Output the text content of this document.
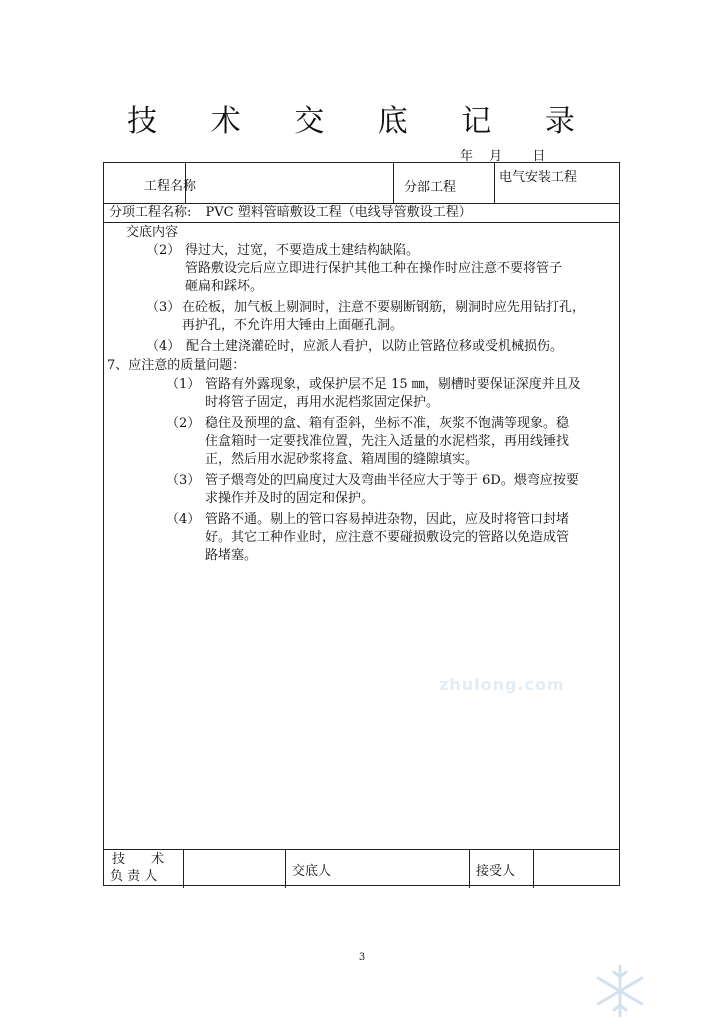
技 术 交 底 记 录
年 月 日
工程名称	分部工程
电气安装工程
分项工程名称: PVC 塑料管暗敷设工程（电线导管敷设工程）
交底内容
（2） 得过大，过宽，不要造成土建结构缺陷。
管路敷设完后应立即进行保护其他工种在操作时应注意不要将管子
砸扁和踩坏。
（3） 在砼板，加气板上剔洞时，注意不要剔断钢筋，剔洞时应先用钻打孔，
再护孔，不允许用大锤由上面砸孔洞。
（4） 配合土建浇灌砼时，应派人看护，以防止管路位移或受机械损伤。
7、应注意的质量问题：
（1） 管路有外露现象，或保护层不足 15 ㎜，剔槽时要保证深度并且及
时将管子固定，再用水泥档浆固定保护。
（2） 稳住及预埋的盒、箱有歪斜，坐标不准，灰浆不饱满等现象。稳
住盒箱时一定要找准位置，先注入适量的水泥档浆，再用线锤找
正，然后用水泥砂浆将盒、箱周围的缝隙填实。
（3） 管子煨弯处的凹扁度过大及弯曲半径应大于等于 6D。煨弯应按要
求操作并及时的固定和保护。
（4） 管路不通。剔上的管口容易掉进杂物，因此，应及时将管口封堵
好。其它工种作业时，应注意不要碰损敷设完的管路以免造成管
路堵塞。
zhulong.com
技　　术
负 责 人	交底人	接受人
3
